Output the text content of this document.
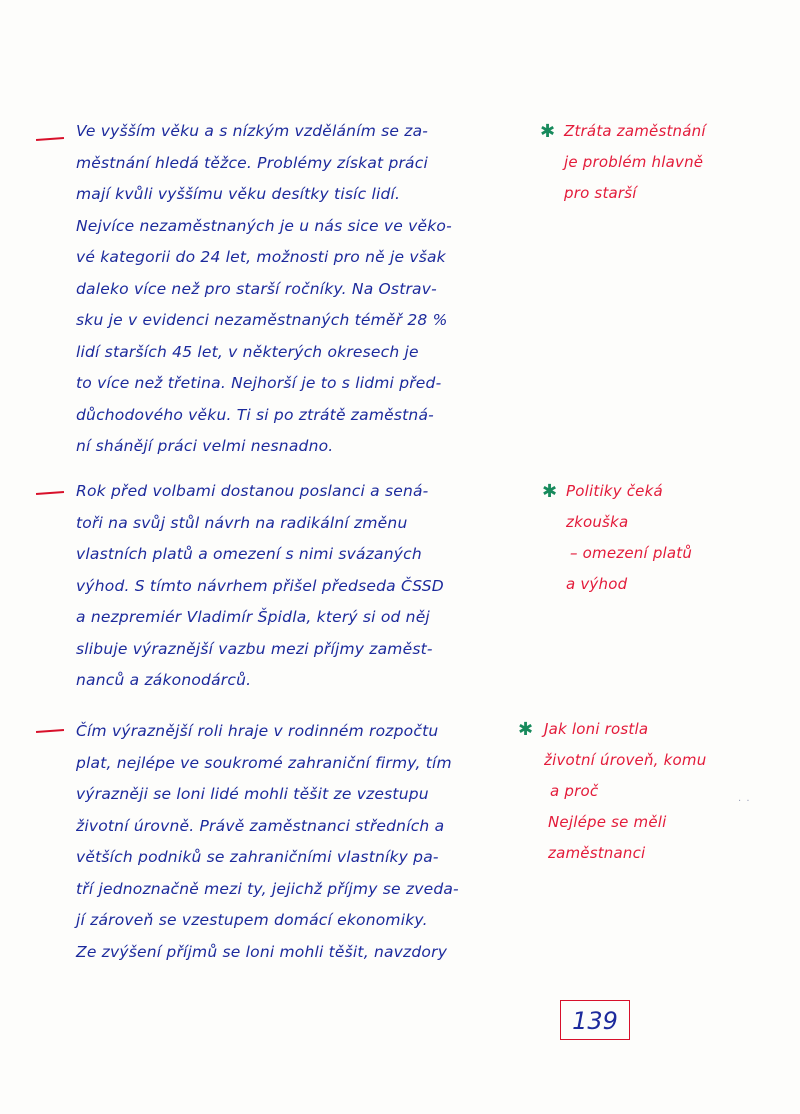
Ve vyšším věku a s nízkým vzděláním se za-
městnání hledá těžce. Problémy získat práci
mají kvůli vyššímu věku desítky tisíc lidí.
Nejvíce nezaměstnaných je u nás sice ve věko-
vé kategorii do 24 let, možnosti pro ně je však
daleko více než pro starší ročníky. Na Ostrav-
sku je v evidenci nezaměstnaných téměř 28 %
lidí starších 45 let, v některých okresech je
to více než třetina. Nejhorší je to s lidmi před-
důchodového věku. Ti si po ztrátě zaměstná-
ní shánějí práci velmi nesnadno.
✱ Ztráta zaměstnání
je problém hlavně
pro starší
Rok před volbami dostanou poslanci a sená-
toři na svůj stůl návrh na radikální změnu
vlastních platů a omezení s nimi svázaných
výhod. S tímto návrhem přišel předseda ČSSD
a nezpremiér Vladimír Špidla, který si od něj
slibuje výraznější vazbu mezi příjmy zaměst-
nanců a zákonodárců.
✱ Politiky čeká
zkouška
– omezení platů
a výhod
Čím výraznější roli hraje v rodinném rozpočtu
plat, nejlépe ve soukromé zahraniční firmy, tím
výrazněji se loni lidé mohli těšit ze vzestupu
životní úrovně. Právě zaměstnanci středních a
větších podniků se zahraničními vlastníky pa-
tří jednoznačně mezi ty, jejichž příjmy se zveda-
jí zároveň se vzestupem domácí ekonomiky.
Ze zvýšení příjmů se loni mohli těšit, navzdory
✱ Jak loni rostla
životní úroveň, komu
a proč
Nejlépe se měli
zaměstnanci
· ·
139
